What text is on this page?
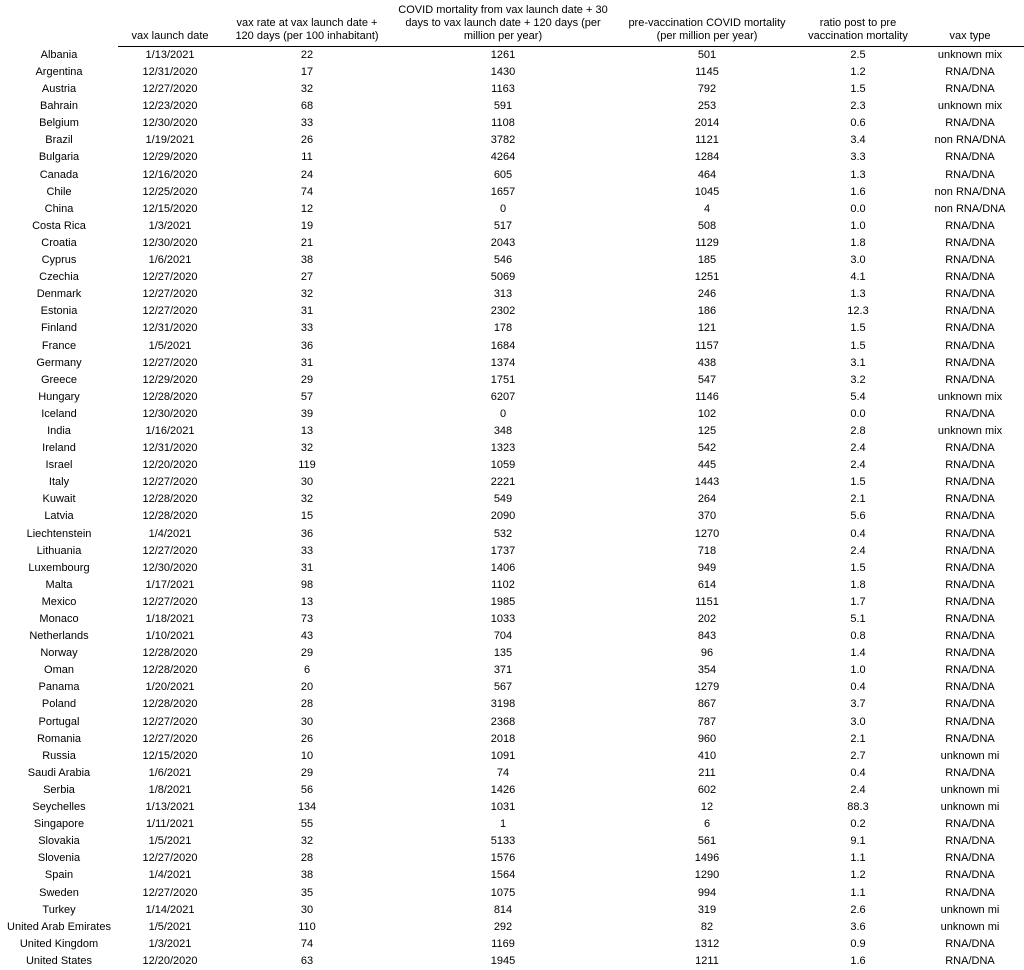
	vax launch date	vax rate at vax launch date + 120 days (per 100 inhabitant)	COVID mortality from vax launch date + 30 days to vax launch date + 120 days (per million per year)	pre-vaccination COVID mortality (per million per year)	ratio post to pre vaccination mortality	vax type
Albania	1/13/2021	22	1261	501	2.5	unknown mix
Argentina	12/31/2020	17	1430	1145	1.2	RNA/DNA
Austria	12/27/2020	32	1163	792	1.5	RNA/DNA
Bahrain	12/23/2020	68	591	253	2.3	unknown mix
Belgium	12/30/2020	33	1108	2014	0.6	RNA/DNA
Brazil	1/19/2021	26	3782	1121	3.4	non RNA/DNA
Bulgaria	12/29/2020	11	4264	1284	3.3	RNA/DNA
Canada	12/16/2020	24	605	464	1.3	RNA/DNA
Chile	12/25/2020	74	1657	1045	1.6	non RNA/DNA
China	12/15/2020	12	0	4	0.0	non RNA/DNA
Costa Rica	1/3/2021	19	517	508	1.0	RNA/DNA
Croatia	12/30/2020	21	2043	1129	1.8	RNA/DNA
Cyprus	1/6/2021	38	546	185	3.0	RNA/DNA
Czechia	12/27/2020	27	5069	1251	4.1	RNA/DNA
Denmark	12/27/2020	32	313	246	1.3	RNA/DNA
Estonia	12/27/2020	31	2302	186	12.3	RNA/DNA
Finland	12/31/2020	33	178	121	1.5	RNA/DNA
France	1/5/2021	36	1684	1157	1.5	RNA/DNA
Germany	12/27/2020	31	1374	438	3.1	RNA/DNA
Greece	12/29/2020	29	1751	547	3.2	RNA/DNA
Hungary	12/28/2020	57	6207	1146	5.4	unknown mix
Iceland	12/30/2020	39	0	102	0.0	RNA/DNA
India	1/16/2021	13	348	125	2.8	unknown mix
Ireland	12/31/2020	32	1323	542	2.4	RNA/DNA
Israel	12/20/2020	119	1059	445	2.4	RNA/DNA
Italy	12/27/2020	30	2221	1443	1.5	RNA/DNA
Kuwait	12/28/2020	32	549	264	2.1	RNA/DNA
Latvia	12/28/2020	15	2090	370	5.6	RNA/DNA
Liechtenstein	1/4/2021	36	532	1270	0.4	RNA/DNA
Lithuania	12/27/2020	33	1737	718	2.4	RNA/DNA
Luxembourg	12/30/2020	31	1406	949	1.5	RNA/DNA
Malta	1/17/2021	98	1102	614	1.8	RNA/DNA
Mexico	12/27/2020	13	1985	1151	1.7	RNA/DNA
Monaco	1/18/2021	73	1033	202	5.1	RNA/DNA
Netherlands	1/10/2021	43	704	843	0.8	RNA/DNA
Norway	12/28/2020	29	135	96	1.4	RNA/DNA
Oman	12/28/2020	6	371	354	1.0	RNA/DNA
Panama	1/20/2021	20	567	1279	0.4	RNA/DNA
Poland	12/28/2020	28	3198	867	3.7	RNA/DNA
Portugal	12/27/2020	30	2368	787	3.0	RNA/DNA
Romania	12/27/2020	26	2018	960	2.1	RNA/DNA
Russia	12/15/2020	10	1091	410	2.7	unknown mi
Saudi Arabia	1/6/2021	29	74	211	0.4	RNA/DNA
Serbia	1/8/2021	56	1426	602	2.4	unknown mi
Seychelles	1/13/2021	134	1031	12	88.3	unknown mi
Singapore	1/11/2021	55	1	6	0.2	RNA/DNA
Slovakia	1/5/2021	32	5133	561	9.1	RNA/DNA
Slovenia	12/27/2020	28	1576	1496	1.1	RNA/DNA
Spain	1/4/2021	38	1564	1290	1.2	RNA/DNA
Sweden	12/27/2020	35	1075	994	1.1	RNA/DNA
Turkey	1/14/2021	30	814	319	2.6	unknown mi
United Arab Emirates	1/5/2021	110	292	82	3.6	unknown mi
United Kingdom	1/3/2021	74	1169	1312	0.9	RNA/DNA
United States	12/20/2020	63	1945	1211	1.6	RNA/DNA
